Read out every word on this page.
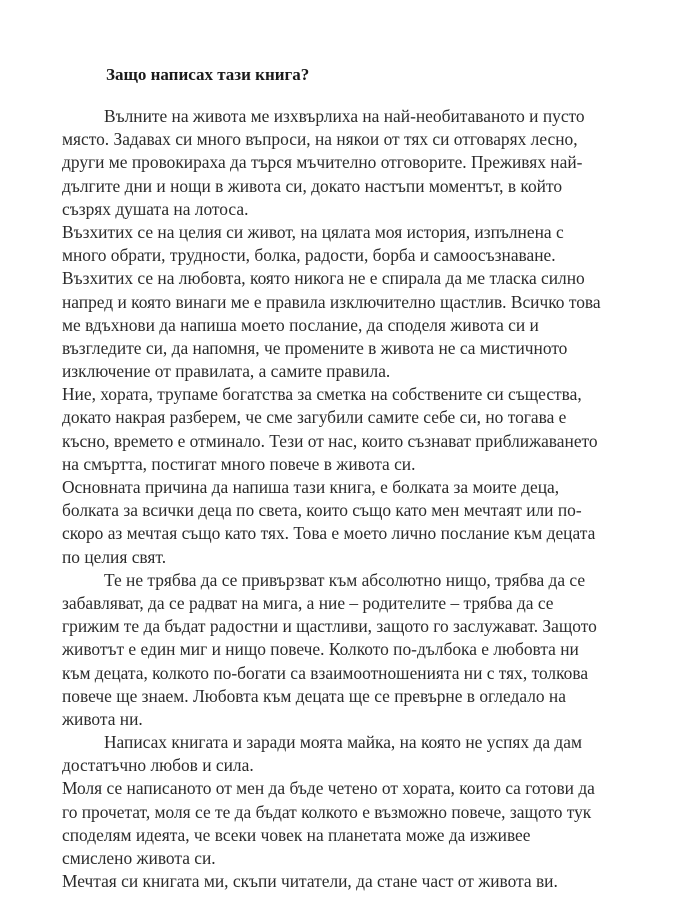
Защо написах тази книга?
Вълните на живота ме изхвърлиха на най-необитаваното и пусто
място. Задавах си много въпроси, на някои от тях си отговарях лесно,
други ме провокираха да търся мъчително отговорите. Преживях най-
дългите дни и нощи в живота си, докато настъпи моментът, в който
съзрях душата на лотоса.
Възхитих се на целия си живот, на цялата моя история, изпълнена с
много обрати, трудности, болка, радости, борба и самоосъзнаване.
Възхитих се на любовта, която никога не е спирала да ме тласка силно
напред и която винаги ме е правила изключително щастлив. Всичко това
ме вдъхнови да напиша моето послание, да споделя живота си и
възгледите си, да напомня, че промените в живота не са мистичното
изключение от правилата, а самите правила.
Ние, хората, трупаме богатства за сметка на собствените си същества,
докато накрая разберем, че сме загубили самите себе си, но тогава е
късно, времето е отминало. Тези от нас, които съзнават приближаването
на смъртта, постигат много повече в живота си.
Основната причина да напиша тази книга, е болката за моите деца,
болката за всички деца по света, които също като мен мечтаят или по-
скоро аз мечтая също като тях. Това е моето лично послание към децата
по целия свят.
Те не трябва да се привързват към абсолютно нищо, трябва да се
забавляват, да се радват на мига, а ние – родителите – трябва да се
грижим те да бъдат радостни и щастливи, защото го заслужават. Защото
животът е един миг и нищо повече. Колкото по-дълбока е любовта ни
към децата, колкото по-богати са взаимоотношенията ни с тях, толкова
повече ще знаем. Любовта към децата ще се превърне в огледало на
живота ни.
Написах книгата и заради моята майка, на която не успях да дам
достатъчно любов и сила.
Моля се написаното от мен да бъде четено от хората, които са готови да
го прочетат, моля се те да бъдат колкото е възможно повече, защото тук
споделям идеята, че всеки човек на планетата може да изживее
смислено живота си.
Мечтая си книгата ми, скъпи читатели, да стане част от живота ви.
